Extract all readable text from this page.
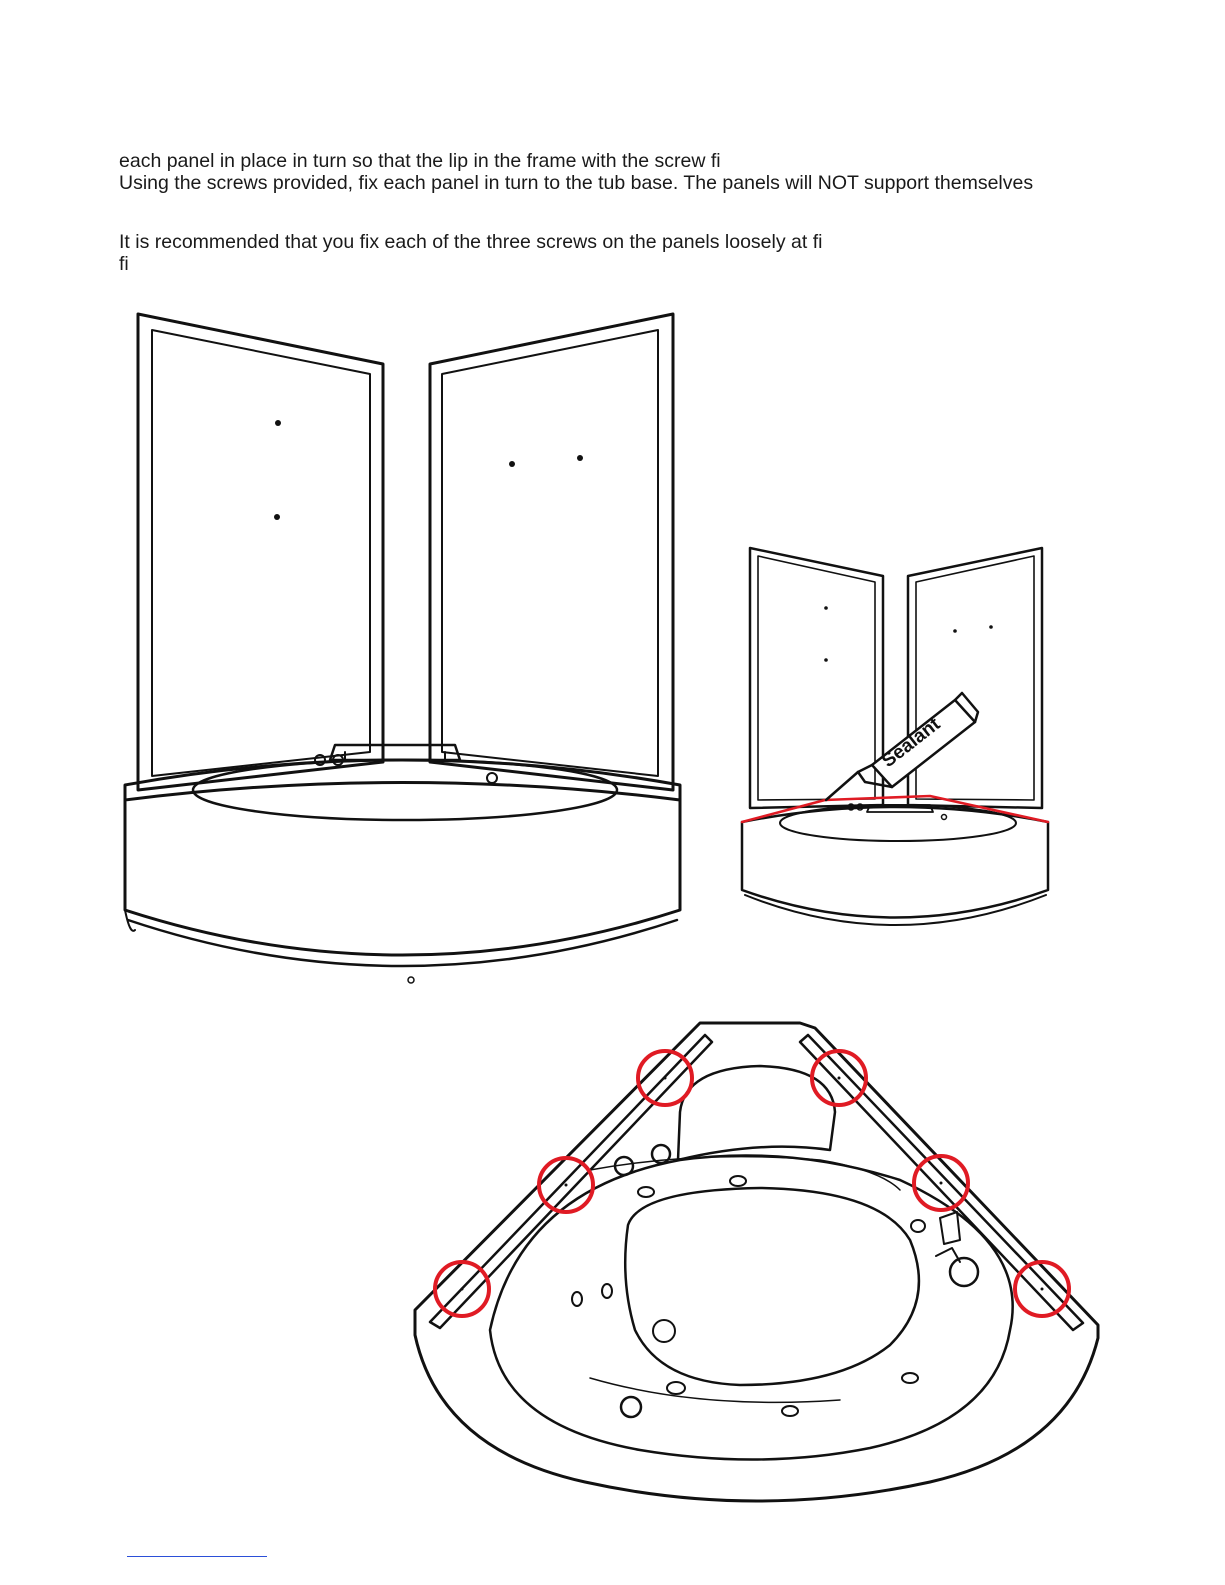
each panel in place in turn so that the lip in the frame with the screw fi
Using the screws provided, fix each panel in turn to the tub base. The panels will NOT support themselves
It is recommended that you fix each of the three screws on the panels loosely at fi
fi
Sealant
